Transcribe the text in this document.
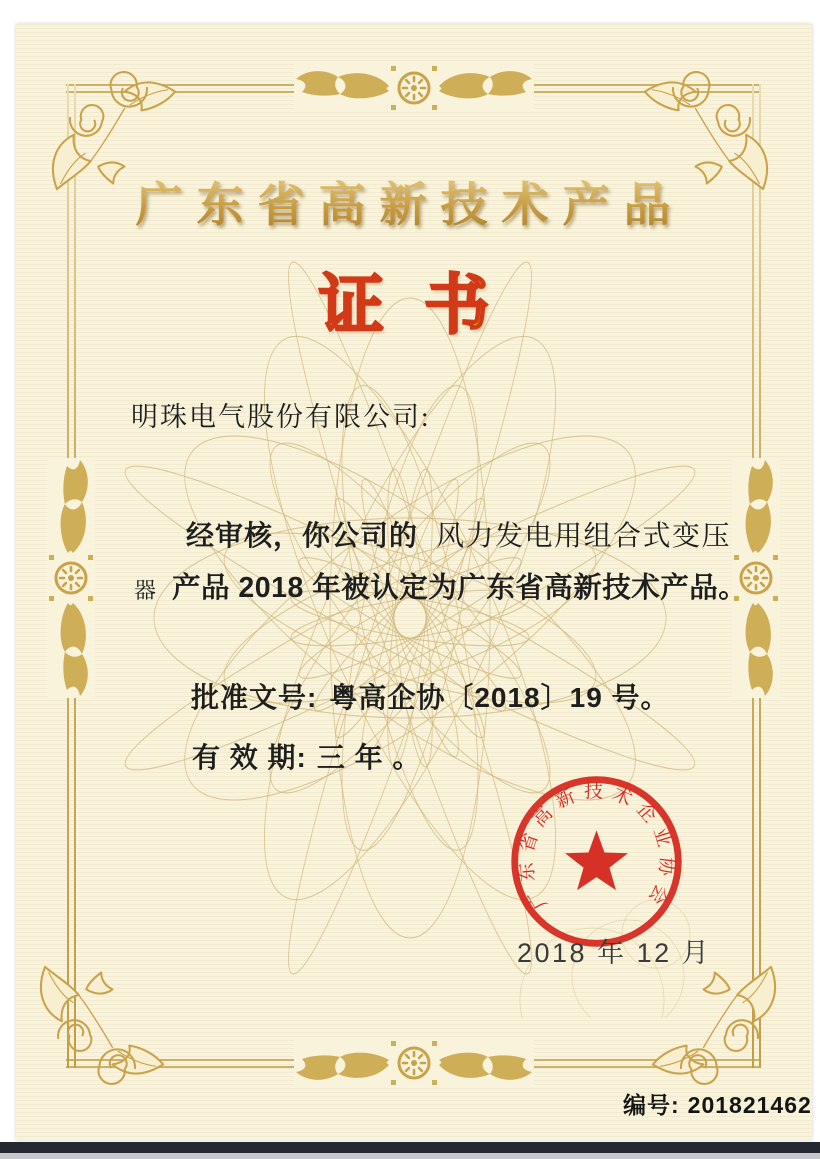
广东省高新技术产品
证 书
明珠电气股份有限公司:
经审核，你公司的 风力发电用组合式变压
器 产品 2018 年被认定为广东省高新技术产品。
批准文号: 粤高企协〔2018〕19 号。
有 效 期: 三 年 。
广东省高新技术企业协会
2018 年 12 月
编号: 201821462
